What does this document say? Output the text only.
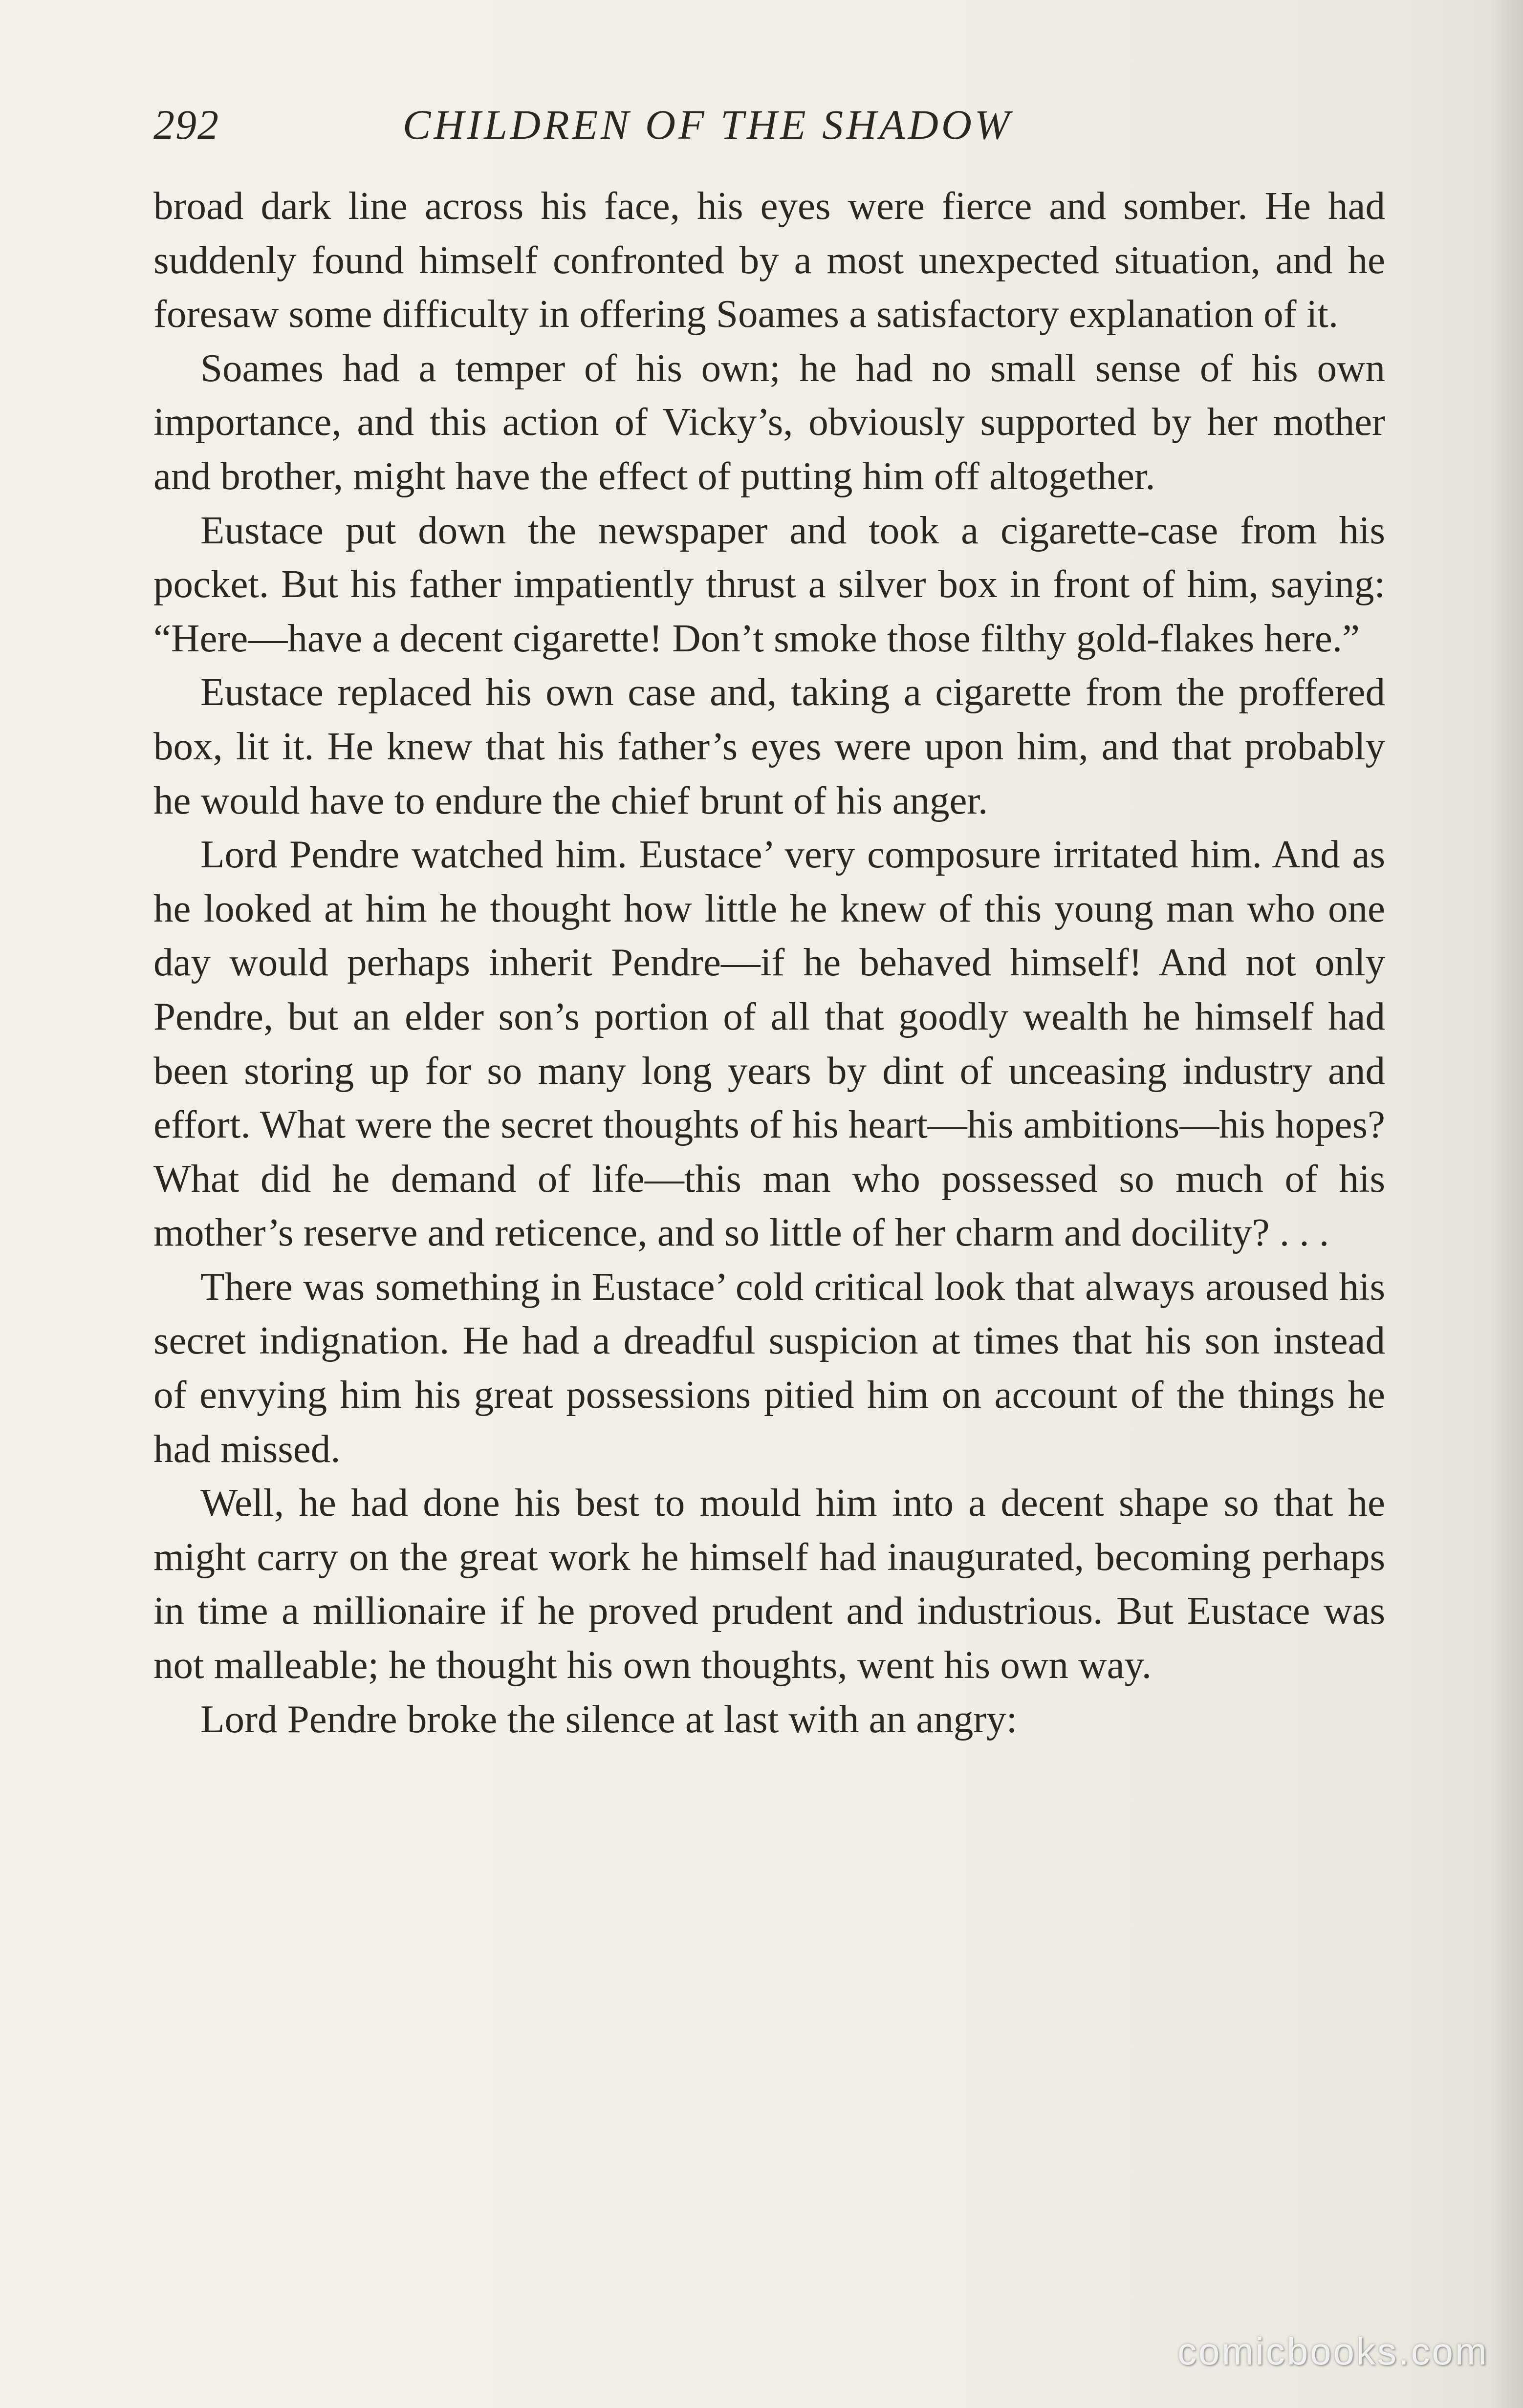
292	CHILDREN OF THE SHADOW

broad dark line across his face, his eyes were fierce and somber. He had suddenly found himself confronted by a most unexpected situation, and he foresaw some difficulty in offering Soames a satisfactory explanation of it.

Soames had a temper of his own; he had no small sense of his own importance, and this action of Vicky’s, obviously supported by her mother and brother, might have the effect of putting him off altogether.

Eustace put down the newspaper and took a cigarette-case from his pocket. But his father impatiently thrust a silver box in front of him, saying: “Here—have a decent cigarette! Don’t smoke those filthy gold-flakes here.”

Eustace replaced his own case and, taking a cigarette from the proffered box, lit it. He knew that his father’s eyes were upon him, and that probably he would have to endure the chief brunt of his anger.

Lord Pendre watched him. Eustace’ very composure irritated him. And as he looked at him he thought how little he knew of this young man who one day would perhaps inherit Pendre—if he behaved himself! And not only Pendre, but an elder son’s portion of all that goodly wealth he himself had been storing up for so many long years by dint of unceasing industry and effort. What were the secret thoughts of his heart—his ambitions—his hopes? What did he demand of life—this man who possessed so much of his mother’s reserve and reticence, and so little of her charm and docility? . . .

There was something in Eustace’ cold critical look that always aroused his secret indignation. He had a dreadful suspicion at times that his son instead of envying him his great possessions pitied him on account of the things he had missed.

Well, he had done his best to mould him into a decent shape so that he might carry on the great work he himself had inaugurated, becoming perhaps in time a millionaire if he proved prudent and industrious. But Eustace was not malleable; he thought his own thoughts, went his own way.

Lord Pendre broke the silence at last with an angry:

comicbooks.com
